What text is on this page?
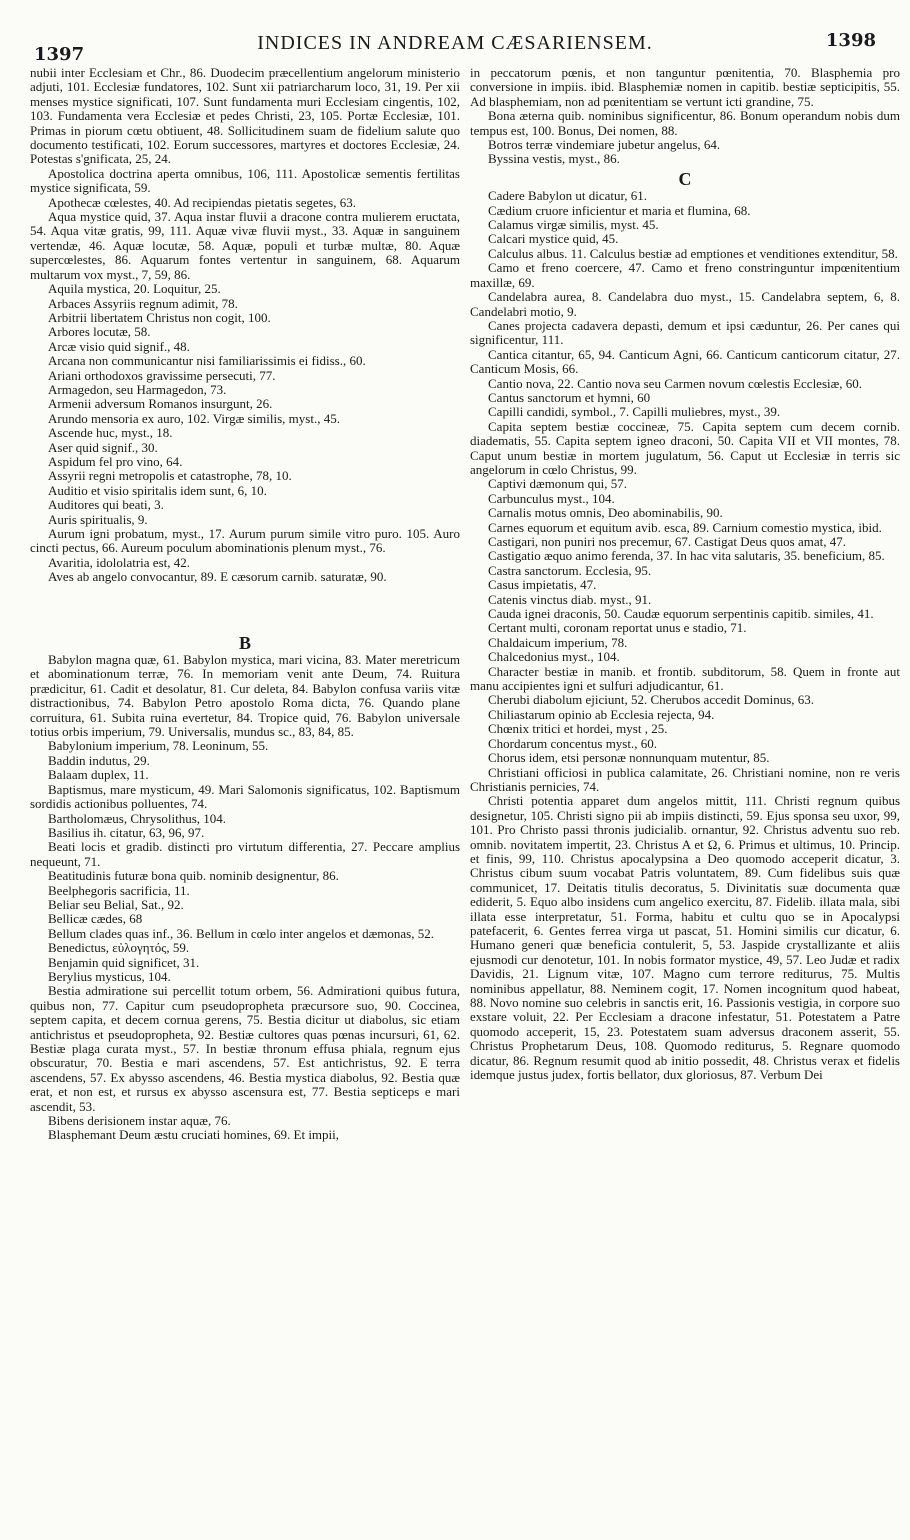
1397
INDICES IN ANDREAM CÆSARIENSEM.	1398

nubii inter Ecclesiam et Chr., 86. Duodecim præcellentium angelorum ministerio adjuti, 101. Ecclesiæ fundatores, 102. Sunt xii patriarcharum loco, 31, 19. Per xii menses mystice significati, 107. Sunt fundamenta muri Ecclesiam cingentis, 102, 103. Fundamenta vera Ecclesiæ et pedes Christi, 23, 105. Portæ Ecclesiæ, 101. Primas in piorum cœtu obtiuent, 48. Sollicitudinem suam de fidelium salute quo documento testificati, 102. Eorum successores, martyres et doctores Ecclesiæ, 24. Potestas s'gnificata, 25, 24.

Apostolica doctrina aperta omnibus, 106, 111. Apostolicæ sementis fertilitas mystice significata, 59.

Apothecæ cœlestes, 40. Ad recipiendas pietatis segetes, 63.

Aqua mystice quid, 37. Aqua instar fluvii a dracone contra mulierem eructata, 54. Aqua vitæ gratis, 99, 111. Aquæ vivæ fluvii myst., 33. Aquæ in sanguinem vertendæ, 46. Aquæ locutæ, 58. Aquæ, populi et turbæ multæ, 80. Aquæ supercœlestes, 86. Aquarum fontes vertentur in sanguinem, 68. Aquarum multarum vox myst., 7, 59, 86.

Aquila mystica, 20. Loquitur, 25.

Arbaces Assyriis regnum adimit, 78.

Arbitrii libertatem Christus non cogit, 100.

Arbores locutæ, 58.

Arcæ visio quid signif., 48.

Arcana non communicantur nisi familiarissimis ei fidiss., 60.

Ariani orthodoxos gravissime persecuti, 77.

Armagedon, seu Harmagedon, 73.

Armenii adversum Romanos insurgunt, 26.

Arundo mensoria ex auro, 102. Virgæ similis, myst., 45.

Ascende huc, myst., 18.

Aser quid signif., 30.

Aspidum fel pro vino, 64.

Assyrii regni metropolis et catastrophe, 78, 10.

Auditio et visio spiritalis idem sunt, 6, 10.

Auditores qui beati, 3.

Auris spiritualis, 9.

Aurum igni probatum, myst., 17. Aurum purum simile vitro puro. 105. Auro cincti pectus, 66. Aureum poculum abominationis plenum myst., 76.

Avaritia, idololatria est, 42.

Aves ab angelo convocantur, 89. E cæsorum carnib. saturatæ, 90.

B

Babylon magna quæ, 61. Babylon mystica, mari vicina, 83. Mater meretricum et abominationum terræ, 76. In memoriam venit ante Deum, 74. Ruitura prædicitur, 61. Cadit et desolatur, 81. Cur deleta, 84. Babylon confusa variis vitæ distractionibus, 74. Babylon Petro apostolo Roma dicta, 76. Quando plane corruitura, 61. Subita ruina evertetur, 84. Tropice quid, 76. Babylon universale totius orbis imperium, 79. Universalis, mundus sc., 83, 84, 85.

Babylonium imperium, 78. Leoninum, 55.

Baddin indutus, 29.

Balaam duplex, 11.

Baptismus, mare mysticum, 49. Mari Salomonis significatus, 102. Baptismum sordidis actionibus polluentes, 74.

Bartholomæus, Chrysolithus, 104.

Basilius ih. citatur, 63, 96, 97.

Beati locis et gradib. distincti pro virtutum differentia, 27. Peccare amplius nequeunt, 71.

Beatitudinis futuræ bona quib. nominib designentur, 86.

Beelphegoris sacrificia, 11.

Beliar seu Belial, Sat., 92.

Bellicæ cædes, 68

Bellum clades quas inf., 36. Bellum in cœlo inter angelos et dæmonas, 52.

Benedictus, εὐλογητός, 59.

Benjamin quid significet, 31.

Berylius mysticus, 104.

Bestia admiratione sui percellit totum orbem, 56. Admirationi quibus futura, quibus non, 77. Capitur cum pseudopropheta præcursore suo, 90. Coccinea, septem capita, et decem cornua gerens, 75. Bestia dicitur ut diabolus, sic etiam antichristus et pseudopropheta, 92. Bestiæ cultores quas pœnas incursuri, 61, 62. Bestiæ plaga curata myst., 57. In bestiæ thronum effusa phiala, regnum ejus obscuratur, 70. Bestia e mari ascendens, 57. Est antichristus, 92. E terra ascendens, 57. Ex abysso ascendens, 46. Bestia mystica diabolus, 92. Bestia quæ erat, et non est, et rursus ex abysso ascensura est, 77. Bestia septiceps e mari ascendit, 53.

Bibens derisionem instar aquæ, 76.

Blasphemant Deum æstu cruciati homines, 69. Et impii,

in peccatorum pœnis, et non tanguntur pœnitentia, 70. Blasphemia pro conversione in impiis. ibid. Blasphemiæ nomen in capitib. bestiæ septicipitis, 55. Ad blasphemiam, non ad pœnitentiam se vertunt icti grandine, 75.

Bona æterna quib. nominibus significentur, 86. Bonum operandum nobis dum tempus est, 100. Bonus, Dei nomen, 88.

Botros terræ vindemiare jubetur angelus, 64.

Byssina vestis, myst., 86.

C

Cadere Babylon ut dicatur, 61.

Cædium cruore inficientur et maria et flumina, 68.

Calamus virgæ similis, myst. 45.

Calcari mystice quid, 45.

Calculus albus. 11. Calculus bestiæ ad emptiones et venditiones extenditur, 58.

Camo et freno coercere, 47. Camo et freno constringuntur impœnitentium maxillæ, 69.

Candelabra aurea, 8. Candelabra duo myst., 15. Candelabra septem, 6, 8. Candelabri motio, 9.

Canes projecta cadavera depasti, demum et ipsi cæduntur, 26. Per canes qui significentur, 111.

Cantica citantur, 65, 94. Canticum Agni, 66. Canticum canticorum citatur, 27. Canticum Mosis, 66.

Cantio nova, 22. Cantio nova seu Carmen novum cœlestis Ecclesiæ, 60.

Cantus sanctorum et hymni, 60

Capilli candidi, symbol., 7. Capilli muliebres, myst., 39.

Capita septem bestiæ coccineæ, 75. Capita septem cum decem cornib. diadematis, 55. Capita septem igneo draconi, 50. Capita VII et VII montes, 78. Caput unum bestiæ in mortem jugulatum, 56. Caput ut Ecclesiæ in terris sic angelorum in cœlo Christus, 99.

Captivi dæmonum qui, 57.

Carbunculus myst., 104.

Carnalis motus omnis, Deo abominabilis, 90.

Carnes equorum et equitum avib. esca, 89. Carnium comestio mystica, ibid.

Castigari, non puniri nos precemur, 67. Castigat Deus quos amat, 47.

Castigatio æquo animo ferenda, 37. In hac vita salutaris, 35. beneficium, 85.

Castra sanctorum. Ecclesia, 95.

Casus impietatis, 47.

Catenis vinctus diab. myst., 91.

Cauda ignei draconis, 50. Caudæ equorum serpentinis capitib. similes, 41.

Certant multi, coronam reportat unus e stadio, 71.

Chaldaicum imperium, 78.

Chalcedonius myst., 104.

Character bestiæ in manib. et frontib. subditorum, 58. Quem in fronte aut manu accipientes igni et sulfuri adjudicantur, 61.

Cherubi diabolum ejiciunt, 52. Cherubos accedit Dominus, 63.

Chiliastarum opinio ab Ecclesia rejecta, 94.

Chœnix tritici et hordei, myst , 25.

Chordarum concentus myst., 60.

Chorus idem, etsi personæ nonnunquam mutentur, 85.

Christiani officiosi in publica calamitate, 26. Christiani nomine, non re veris Christianis pernicies, 74.

Christi potentia apparet dum angelos mittit, 111. Christi regnum quibus designetur, 105. Christi signo pii ab impiis distincti, 59. Ejus sponsa seu uxor, 99, 101. Pro Christo passi thronis judicialib. ornantur, 92. Christus adventu suo reb. omnib. novitatem impertit, 23. Christus A et Ω, 6. Primus et ultimus, 10. Princip. et finis, 99, 110. Christus apocalypsina a Deo quomodo acceperit dicatur, 3. Christus cibum suum vocabat Patris voluntatem, 89. Cum fidelibus suis quæ communicet, 17. Deitatis titulis decoratus, 5. Divinitatis suæ documenta quæ ediderit, 5. Equo albo insidens cum angelico exercitu, 87. Fidelib. illata mala, sibi illata esse interpretatur, 51. Forma, habitu et cultu quo se in Apocalypsi patefacerit, 6. Gentes ferrea virga ut pascat, 51. Homini similis cur dicatur, 6. Humano generi quæ beneficia contulerit, 5, 53. Jaspide crystallizante et aliis ejusmodi cur denotetur, 101. In nobis formator mystice, 49, 57. Leo Judæ et radix Davidis, 21. Lignum vitæ, 107. Magno cum terrore rediturus, 75. Multis nominibus appellatur, 88. Neminem cogit, 17. Nomen incognitum quod habeat, 88. Novo nomine suo celebris in sanctis erit, 16. Passionis vestigia, in corpore suo exstare voluit, 22. Per Ecclesiam a dracone infestatur, 51. Potestatem a Patre quomodo acceperit, 15, 23. Potestatem suam adversus draconem asserit, 55. Christus Prophetarum Deus, 108. Quomodo rediturus, 5. Regnare quomodo dicatur, 86. Regnum resumit quod ab initio possedit, 48. Christus verax et fidelis idemque justus judex, fortis bellator, dux gloriosus, 87. Verbum Dei
